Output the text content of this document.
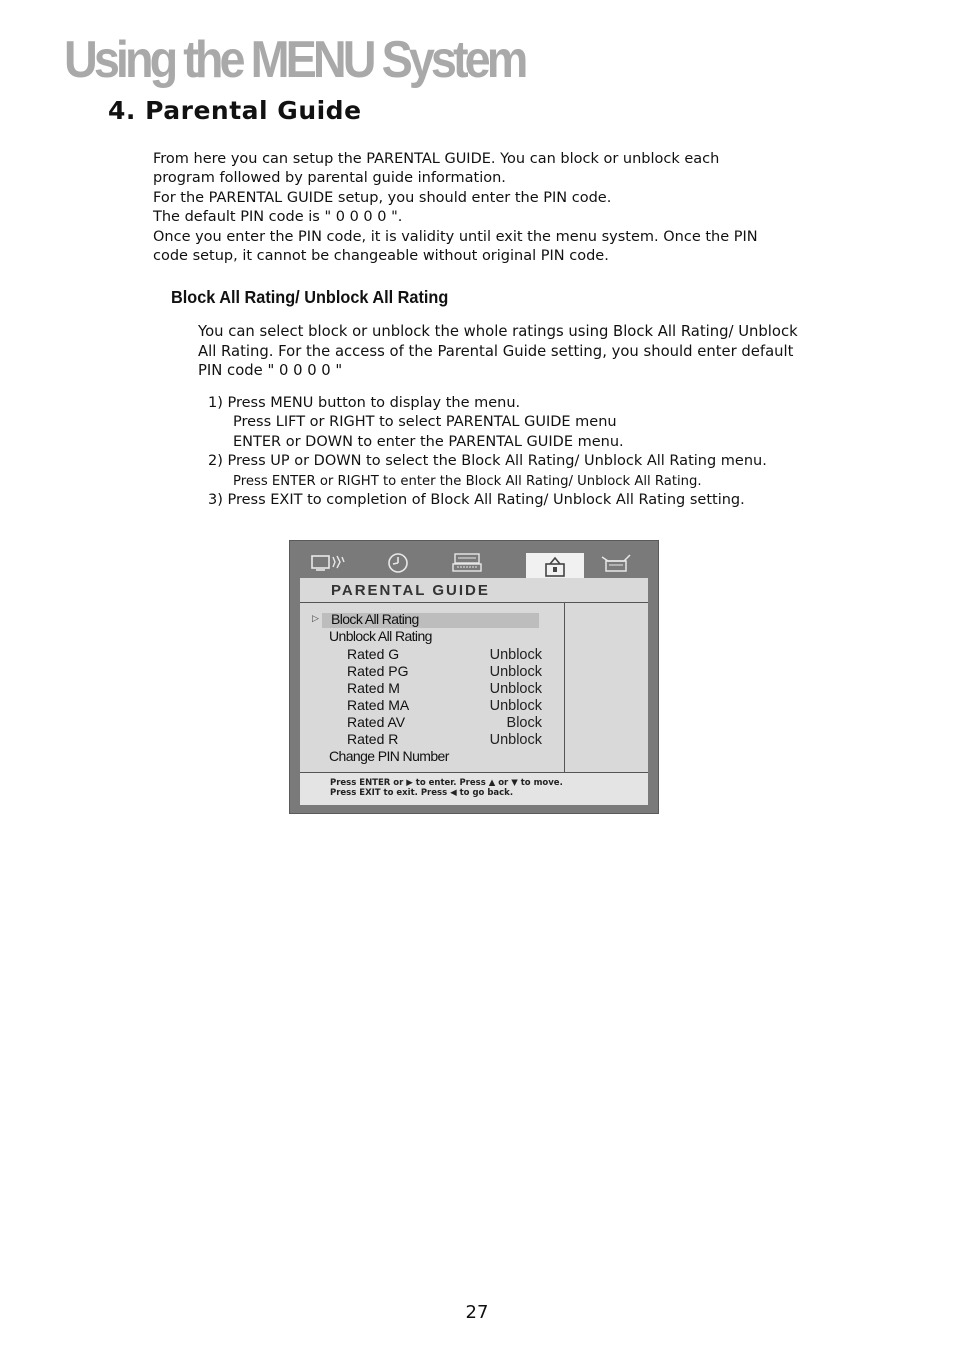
Using the MENU System
4. Parental Guide
From here you can setup the PARENTAL GUIDE. You can block or unblock each
program followed by parental guide information.
For the PARENTAL GUIDE setup, you should enter the PIN code.
The default PIN code is " 0 0 0 0 ".
Once you enter the PIN code, it is validity until exit the menu system. Once the PIN
code setup, it cannot be changeable without original PIN code.
Block All Rating/ Unblock All Rating
You can select block or unblock the whole ratings using Block All Rating/ Unblock
All Rating. For the access of the Parental Guide setting, you should enter default
PIN code " 0 0 0 0 "
1) Press MENU button to display the menu.
Press LIFT or RIGHT to select PARENTAL GUIDE menu
ENTER or DOWN to enter the PARENTAL GUIDE menu.
2) Press UP or DOWN to select the Block All Rating/ Unblock All Rating menu.
Press ENTER or RIGHT to enter the Block All Rating/ Unblock All Rating.
3) Press EXIT to completion of Block All Rating/ Unblock All Rating setting.
PARENTAL GUIDE
▷ Block All Rating
Unblock All Rating
Rated G	Unblock
Rated PG	Unblock
Rated M	Unblock
Rated MA	Unblock
Rated AV	Block
Rated R	Unblock
Change PIN Number
Press ENTER or ▶ to enter. Press ▲ or ▼ to move.
Press EXIT to exit. Press ◀ to go back.
27
